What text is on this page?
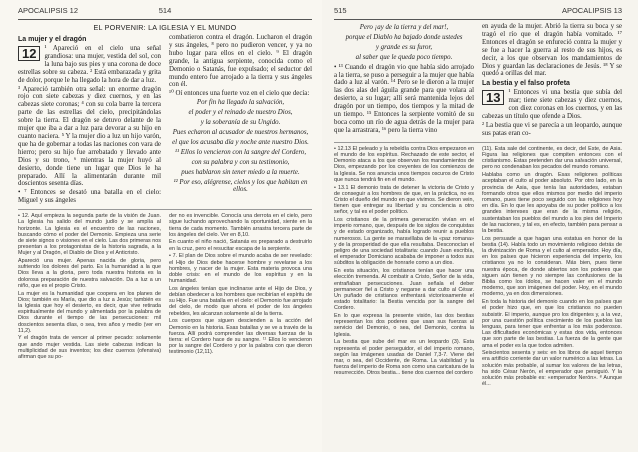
APOCALIPSIS 12	514
EL PORVENIR: LA IGLESIA Y EL MUNDO
La mujer y el dragón

12	¹ Apareció en el cielo una señal grandiosa: una mujer, vestida del sol, con la luna bajo sus pies y una corona de doce estrellas sobre su cabeza. ² Está embarazada y grita de dolor, porque le ha llegado la hora de dar a luz.

³ Apareció también otra señal: un enorme dragón rojo con siete cabezas y diez cuernos, y en las cabezas siete coronas; ⁴ con su cola barre la tercera parte de las estrellas del cielo, precipitándolas sobre la tierra. El dragón se detuvo delante de la mujer que iba a dar a luz para devorar a su hijo en cuanto naciera. ⁵ Y la mujer dio a luz un hijo varón, que ha de gobernar a todas las naciones con vara de hierro; pero su hijo fue arrebatado y llevado ante Dios y su trono, ⁶ mientras la mujer huyó al desierto, donde tiene un lugar que Dios le ha preparado. Allí la alimentarán durante mil doscientos sesenta días.

• ⁷ Entonces se desató una batalla en el cielo: Miguel y sus ángeles

combatieron contra el dragón. Lucharon el dragón y sus ángeles, ⁸ pero no pudieron vencer, y ya no hubo lugar para ellos en el cielo. ⁹ El dragón grande, la antigua serpiente, conocida como el Demonio o Satanás, fue expulsado; el seductor del mundo entero fue arrojado a la tierra y sus ángeles con él.

¹⁰ Oí entonces una fuerte voz en el cielo que decía:

Por fin ha llegado la salvación,
el poder y el reinado de nuestro Dios,
y la soberanía de su Ungido.
Pues echaron al acusador de nuestros hermanos,
el que los acusaba día y noche ante nuestro Dios.
¹¹ Ellos lo vencieron con la sangre del Cordero,
con su palabra y con su testimonio,
pues hablaron sin tener miedo a la muerte.
¹² Por eso, alégrense, cielos y los que habitan en ellos.

• 12. Aquí empieza la segunda parte de la visión de Juan. La Iglesia ha salido del mundo judío y se amplía al horizonte. La Iglesia es el encuentro de las naciones, buscando cómo el poder del Demonio. Empieza una serie de siete signos o visiones en el cielo. Las dos primeras nos presentan a los protagonistas de la historia sagrada, a la Mujer y al Dragón, el Diablo de Dios y el Anticristo.

Apareció una mujer. Apenas nacida de gloria, pero sufriendo los dolores del parto. Es la humanidad a la que Dios lleva a la gloria, pero toda nuestra historia es la dolorosa preparación de nuestra salvación. Da a luz a un niño, que es el propio Cristo.

La mujer es la humanidad que coopera en los planes de Dios; también es María, que dio a luz a Jesús; también es la Iglesia que hoy el desierto, es decir, que vive retirada espiritualmente del mundo y alimentada por la palabra de Dios durante el tiempo de las persecuciones: mil doscientos sesenta días, o sea, tres años y medio (ver en 11,2).

Y el dragón trata de vencer al primer pecado: solamente que ando mujer vestida. Las siete cabezas indican la multiplicidad de sus inventos; los diez cuernos (ofensiva) afirman que su po-

der no es invencible. Conocía una derrota en el cielo, pero sigue luchando aprovechando la oportunidad, siente en la tierra de cada momento. También arrastra tercera parte de los ángeles del cielo. Ver en 8,10.

En cuanto el niño nació, Satanás es preparado a destruirlo en la cruz, pero el resucitar escapa de la serpiente.

• 7. El plan de Dios sobre el mundo acaba de ser revelado: el Hijo de Dios debe hacerse hombre y revelarse a los hombres, y nacer de la mujer. Esta materia provoca una doble crisis: en el mundo de los espíritus y en la humanidad.

Los ángeles tenían que inclinarse ante el Hijo de Dios, y debían obedecer a los hombres que recibirían el espíritu de su Hijo. Fue una batalla en el cielo: el Demonio fue arrojado del cielo, de modo que ahora el poder de los ángeles rebeldes, les alcanzan solamente al de la tierra.

Los cuerpos que siguen descienden a la acción del Demonio en la historia. Esas batallas y se ve a través de la fuerza. Allí podrá comprender las diversas fuerzas de la tierra: el Cordero hace de su sangre. ¹¹ Ellos lo vencieron por la sangre del Cordero y por la palabra con que dieron testimonio (12,11).

515	APOCALIPSIS 13
Pero ¡ay de la tierra y del mar!,
porque el Diablo ha bajado donde ustedes
y grande es su furor,
al saber que le queda poco tiempo.

• ¹³ Cuando el dragón vio que había sido arrojado a la tierra, se puso a perseguir a la mujer que había dado a luz al varón. ¹⁴ Pero se le dieron a la mujer las dos alas del águila grande para que volara al desierto, a su lugar; allí será mantenida lejos del dragón por un tiempo, dos tiempos y la mitad de un tiempo. ¹⁵ Entonces la serpiente vomitó de su boca como un río de agua detrás de la mujer para que la arrastrara, ¹⁶ pero la tierra vino

en ayuda de la mujer. Abrió la tierra su boca y se tragó el río que el dragón había vomitado. ¹⁷ Entonces el dragón se enfureció contra la mujer y se fue a hacer la guerra al resto de sus hijos, es decir, a los que observan los mandamientos de Dios y guardan las declaraciones de Jesús. ¹⁸ Y se quedó a orillas del mar.

La bestia y el falso profeta

13	¹ Entonces vi una bestia que subía del mar; tiene siete cabezas y diez cuernos, con diez coronas en los cuernos, y en las cabezas un título que ofende a Dios.

² La bestia que vi se parecía a un leopardo, aunque sus patas eran co-

• 12.13 El peleado y la rebeldía contra Dios empezaron en el mundo de los espíritus. Rechazado de este sector, el Demonio ataca a los que observan los mandamientos de Dios, empezando por los creyentes de los comienzos de la Iglesia. Se nos anuncia unos tiempos oscuros de Cristo que nunca tendrá fin en el mundo.

• 13.1 El demonio trata de detener la victoria de Cristo y de conseguir a los hombres de que, en la práctica, no es Cristo el dueño del mundo en que vivimos. Se dieron vein, tienen que entregar su libertad y su conciencia a otro señor, y tal es el poder político.

Los cristianos de la primera generación vivían en el imperio romano, que, después de los siglos de conquistas y de estado organizado, había logrado reunir a pueblos numerosos. La gente se maravillaba de la «paz romana» y de la prosperidad de que ella resultaba. Desconocían el peligro de una sociedad totalitaria: cuando Juan escribía, el emperador Domiciano acababa de imponer a todos sus súbditos la obligación de honrarle como a un dios.

En esta situación, los cristianos tenían que hacer una elección tremenda. Al combatir a Cristo, Señor de la vida, entrañaban persecuciones. Juan señala el deber permanecer fiel a Cristo y negarse a dar culto al César. Un puñado de cristianos enfrentará victoriosamente el estado totalitario: la Bestia vencida por la sangre del Cordero.

En lo que expresa la presente visión, las dos bestias representan los dos poderes que usan sus fuerzas al servicio del Demonio, o sea, del Demonio, contra la Iglesia.

La bestia que sube del mar es un leopardo (3). Esta representa el poder perseguidor, el del imperio romano, según las imágenes usadas de Daniel 7,3-7. Viene del mar, o sea, del Occidente, de Roma. La viabilidad y la fuerza del imperio de Roma son como una caricatura de la resurrección. Otros bestia... tiene dos cuernos del cordero

(11). Esta sale del continente, es decir, del Este, de Asia. Figura las religiones que compiten entonces con el cristianismo. Estas pretenden dar una salvación universal, pero no condenaban los pecados del mundo romano.

Hablaba como un dragón. Esas religiones políticas aceptaban el culto al poder absoluto. Por otro lado, en la provincia de Asia, que tenía las autoridades, estaban formando otros que ellos mismos por medio del imperio romano, pues tiene poco seguido con las religiones hoy en día. En lo que les apoyaba de su poder político a los grandes intereses que eran de la misma religión, sustentaban los pueblos del mundo a los pies del Imperio de las naciones, y tal es, en efecto, también para pensar a la bestia.

Los persuade a que hagan una estatua en honor de la bestia (14). Había todo un movimiento religioso detrás de la divinización de Roma y el culto al emperador. Hoy día, en los países que hicieron experiencia del imperio, los cristianos ya no lo consideran. Más bien, pues tiene nuestra época, de donde abiertos son los poderes que siguen aún tienen y no siempre las confusiones de la Biblia como los ídolos, se hacen valer en el mundo moderno, que son imágenes del poder. Hoy, en el mundo moderno, ya en dos dimensiones.

En toda la historia del demonio cuando en los países que el poder hizo que, en que los cristianos no pueden subsistir. El imperio, aunque pro los dirigentes y, a la vez, por una cuestión política crecimiento de los pueblos las lenguas, para tener que enfrentar a los más poderosos. Las dificultades económicas y estas dos vida, entonces que son parte de las bestias. La fuerza de la gente que ama el poder es la que todos admiten.

Seiscientos sesenta y seis: en los libros de aquel tiempo era artificio corriente dar un valor numérico a las letras. La solución más probable, al sumar los valores de las letras, ha sido César Nerón, el emperador que persiguió. Y la solución más probable es: «emperador Nerón». ⁸ Aunque él...
